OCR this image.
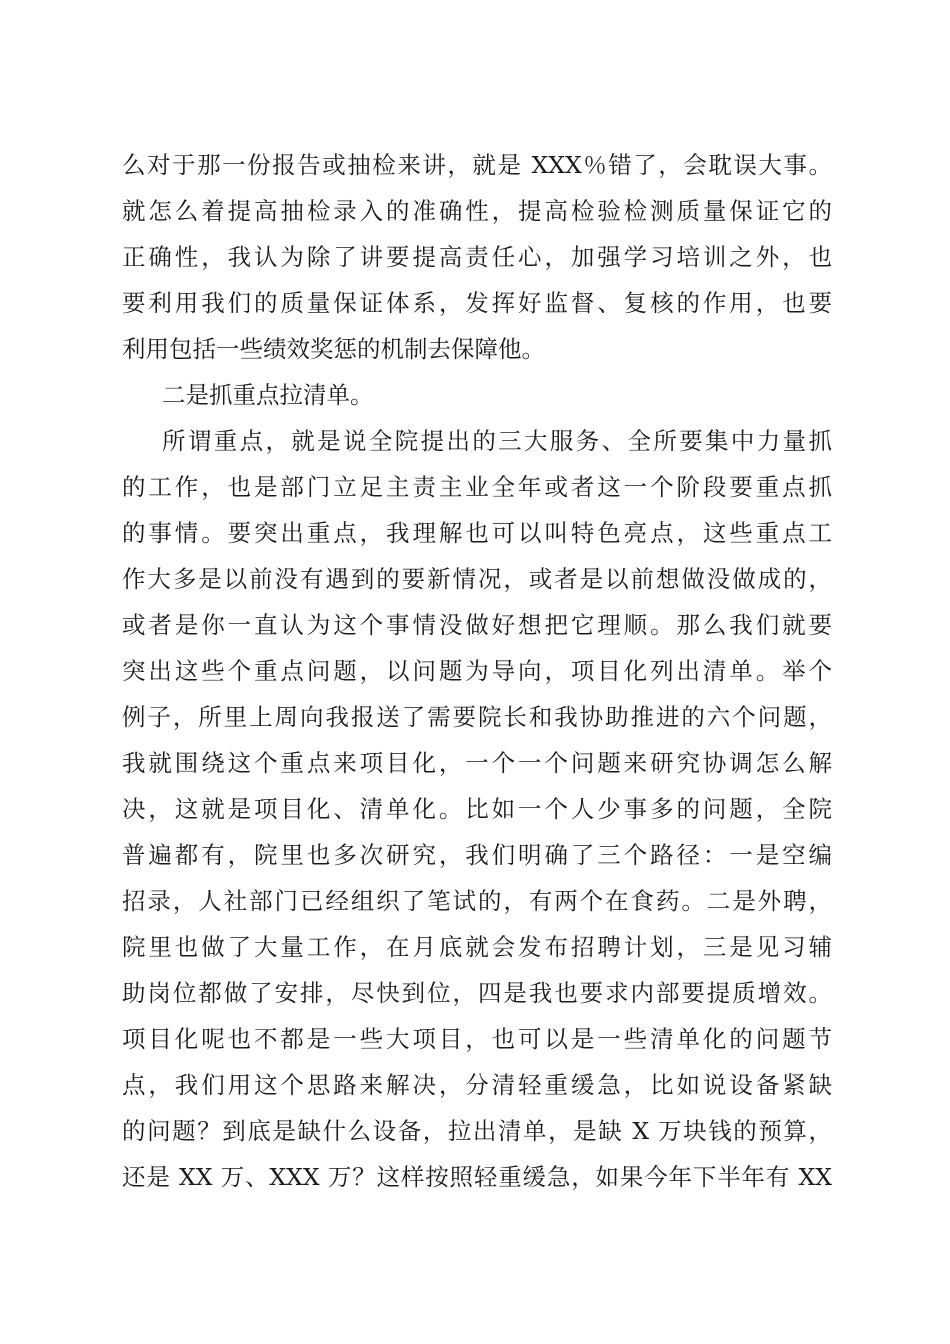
么对于那一份报告或抽检来讲，就是 XXX％错了，会耽误大事。
就怎么着提高抽检录入的准确性，提高检验检测质量保证它的
正确性，我认为除了讲要提高责任心，加强学习培训之外，也
要利用我们的质量保证体系，发挥好监督、复核的作用，也要
利用包括一些绩效奖惩的机制去保障他。
二是抓重点拉清单。
所谓重点，就是说全院提出的三大服务、全所要集中力量抓
的工作，也是部门立足主责主业全年或者这一个阶段要重点抓
的事情。要突出重点，我理解也可以叫特色亮点，这些重点工
作大多是以前没有遇到的要新情况，或者是以前想做没做成的，
或者是你一直认为这个事情没做好想把它理顺。那么我们就要
突出这些个重点问题，以问题为导向，项目化列出清单。举个
例子，所里上周向我报送了需要院长和我协助推进的六个问题，
我就围绕这个重点来项目化，一个一个问题来研究协调怎么解
决，这就是项目化、清单化。比如一个人少事多的问题，全院
普遍都有，院里也多次研究，我们明确了三个路径：一是空编
招录，人社部门已经组织了笔试的，有两个在食药。二是外聘，
院里也做了大量工作，在月底就会发布招聘计划，三是见习辅
助岗位都做了安排，尽快到位，四是我也要求内部要提质增效。
项目化呢也不都是一些大项目，也可以是一些清单化的问题节
点，我们用这个思路来解决，分清轻重缓急，比如说设备紧缺
的问题？到底是缺什么设备，拉出清单，是缺 X 万块钱的预算，
还是 XX 万、XXX 万？这样按照轻重缓急，如果今年下半年有 XX
